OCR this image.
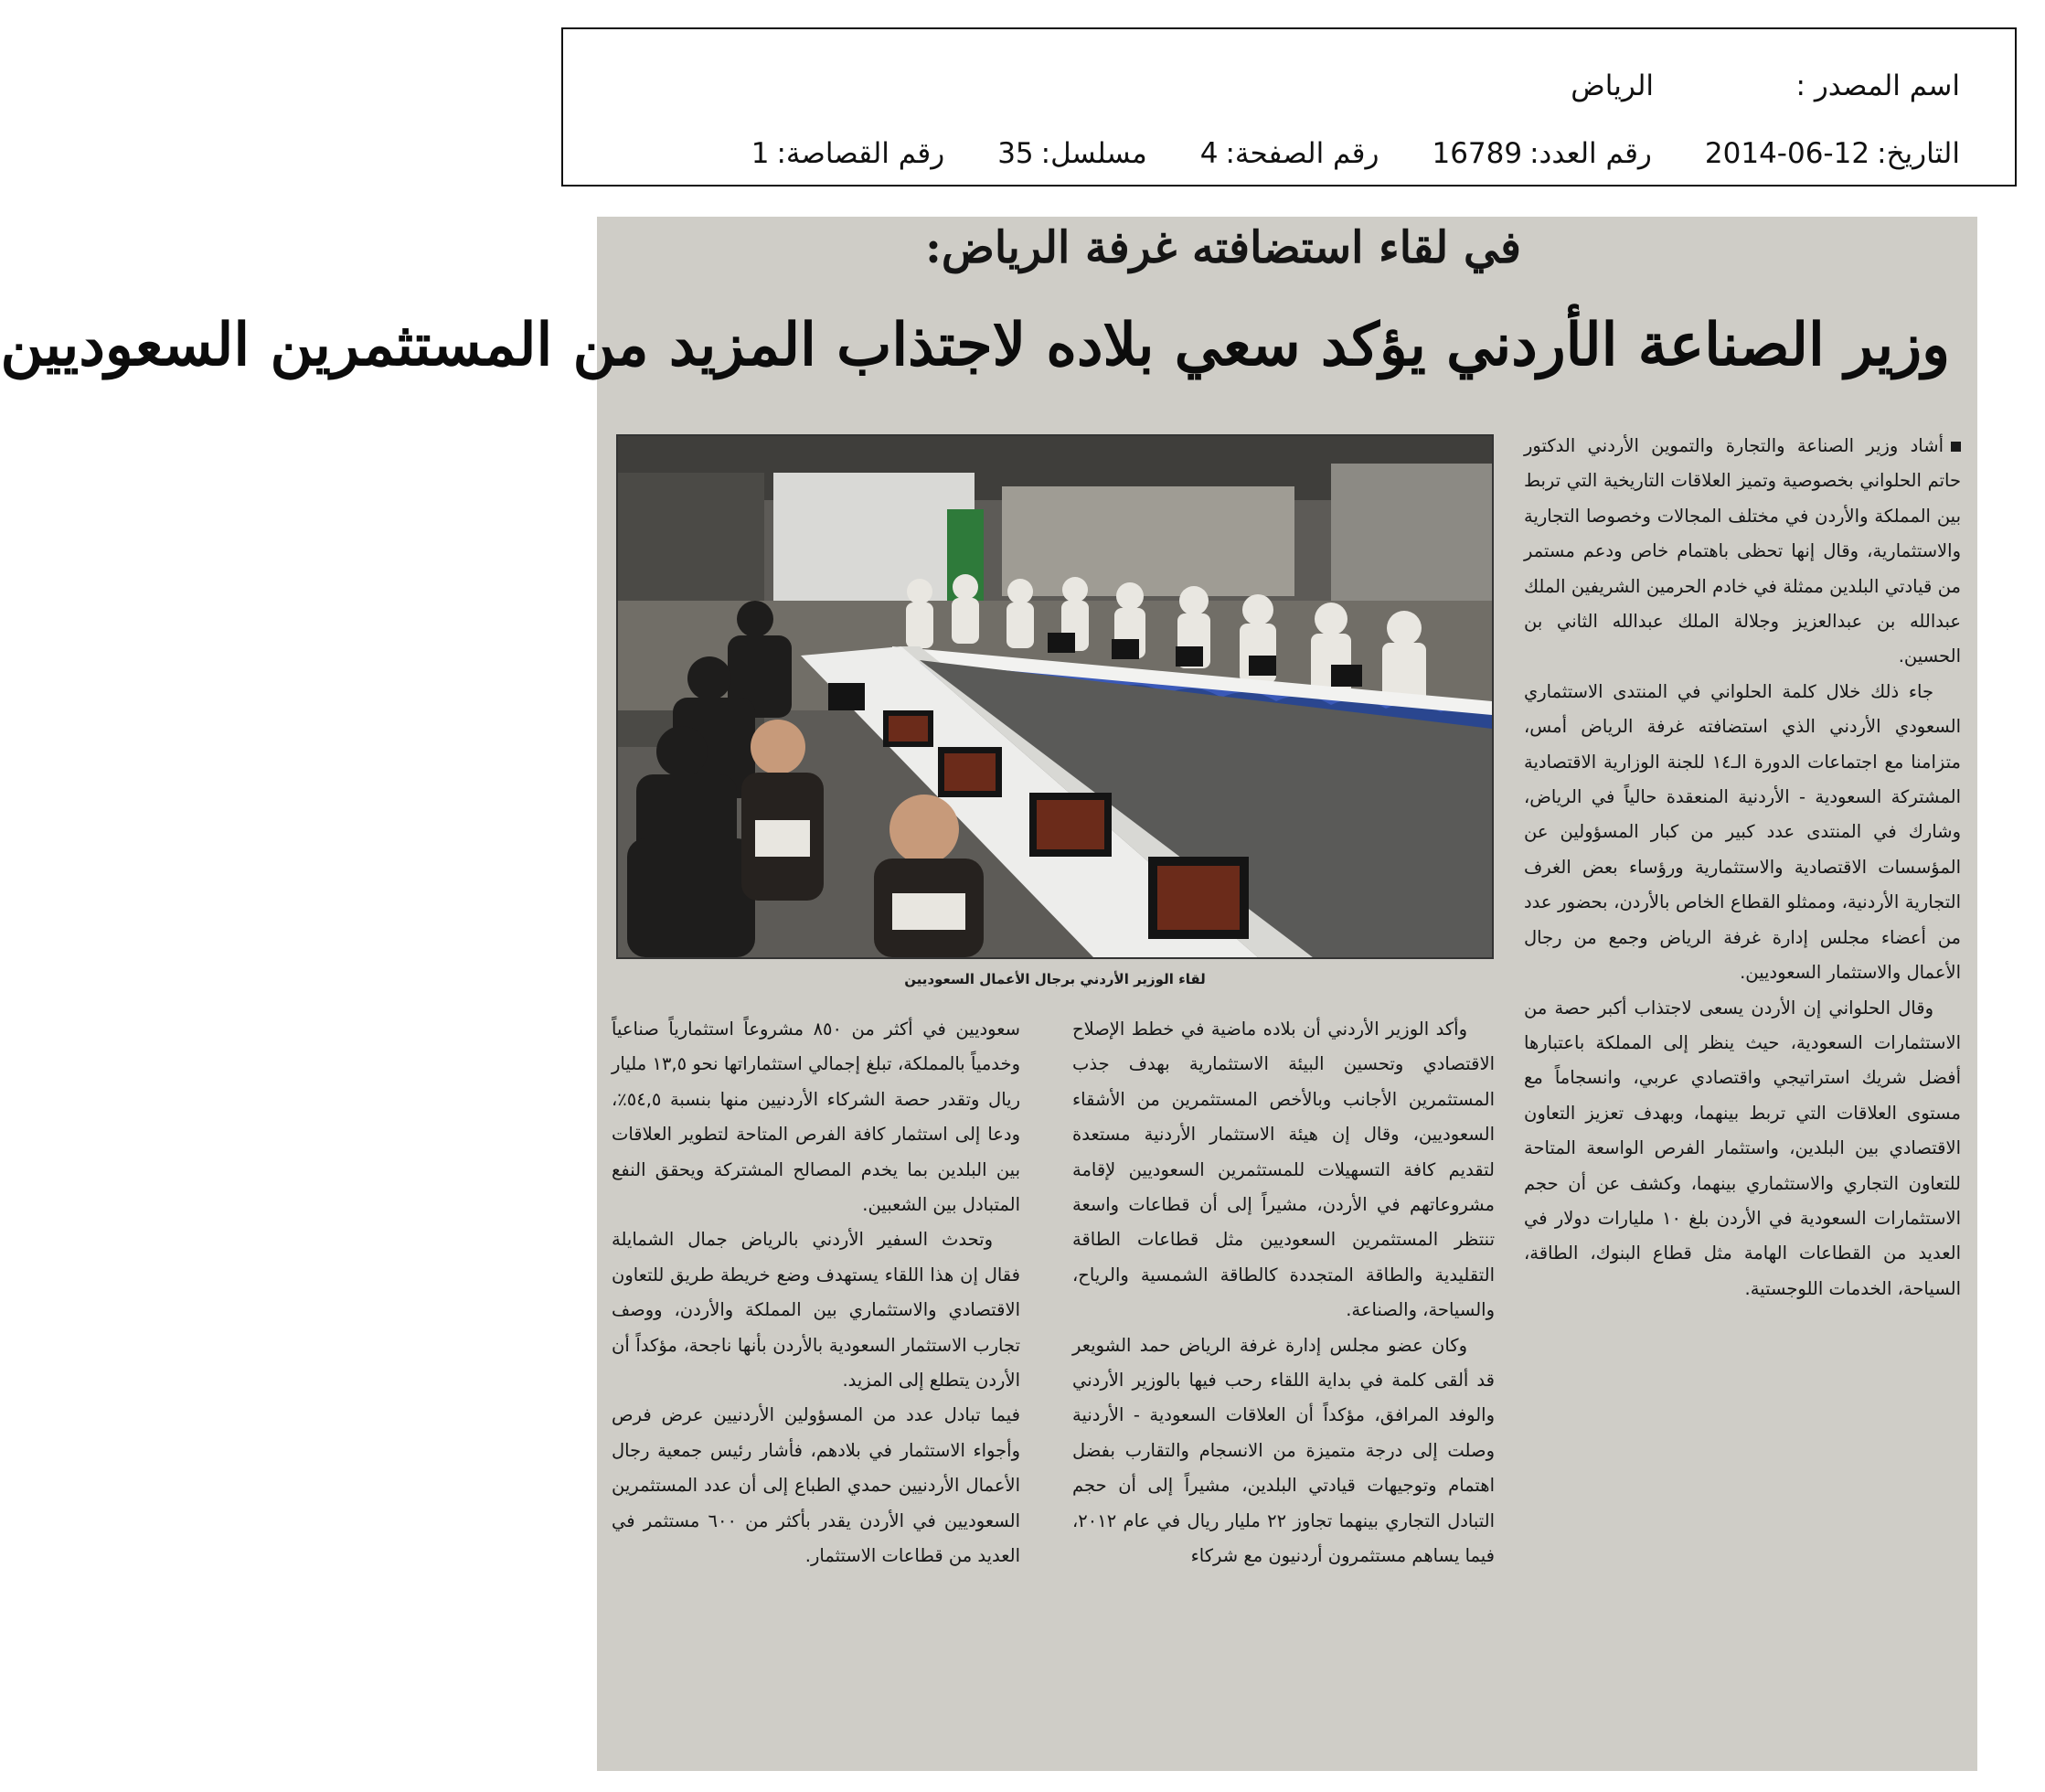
اسم المصدر :
الرياض
التاريخ:
2014-06-12
رقم العدد:
16789
رقم الصفحة:
4
مسلسل:
35
رقم القصاصة:
1
في لقاء استضافته غرفة الرياض:
وزير الصناعة الأردني يؤكد سعي بلاده لاجتذاب المزيد من المستثمرين السعوديين
لقاء الوزير الأردني برجال الأعمال السعوديين

أشاد وزير الصناعة والتجارة والتموين الأردني الدكتور حاتم الحلواني بخصوصية وتميز العلاقات التاريخية التي تربط بين المملكة والأردن في مختلف المجالات وخصوصا التجارية والاستثمارية، وقال إنها تحظى باهتمام خاص ودعم مستمر من قيادتي البلدين ممثلة في خادم الحرمين الشريفين الملك عبدالله بن عبدالعزيز وجلالة الملك عبدالله الثاني بن الحسين.

جاء ذلك خلال كلمة الحلواني في المنتدى الاستثماري السعودي الأردني الذي استضافته غرفة الرياض أمس، متزامنا مع اجتماعات الدورة الـ١٤ للجنة الوزارية الاقتصادية المشتركة السعودية - الأردنية المنعقدة حالياً في الرياض، وشارك في المنتدى عدد كبير من كبار المسؤولين عن المؤسسات الاقتصادية والاستثمارية ورؤساء بعض الغرف التجارية الأردنية، وممثلو القطاع الخاص بالأردن، بحضور عدد من أعضاء مجلس إدارة غرفة الرياض وجمع من رجال الأعمال والاستثمار السعوديين.

وقال الحلواني إن الأردن يسعى لاجتذاب أكبر حصة من الاستثمارات السعودية، حيث ينظر إلى المملكة باعتبارها أفضل شريك استراتيجي واقتصادي عربي، وانسجاماً مع مستوى العلاقات التي تربط بينهما، وبهدف تعزيز التعاون الاقتصادي بين البلدين، واستثمار الفرص الواسعة المتاحة للتعاون التجاري والاستثماري بينهما، وكشف عن أن حجم الاستثمارات السعودية في الأردن بلغ ١٠ مليارات دولار في العديد من القطاعات الهامة مثل قطاع البنوك، الطاقة، السياحة، الخدمات اللوجستية.

وأكد الوزير الأردني أن بلاده ماضية في خطط الإصلاح الاقتصادي وتحسين البيئة الاستثمارية بهدف جذب المستثمرين الأجانب وبالأخص المستثمرين من الأشقاء السعوديين، وقال إن هيئة الاستثمار الأردنية مستعدة لتقديم كافة التسهيلات للمستثمرين السعوديين لإقامة مشروعاتهم في الأردن، مشيراً إلى أن قطاعات واسعة تنتظر المستثمرين السعوديين مثل قطاعات الطاقة التقليدية والطاقة المتجددة كالطاقة الشمسية والرياح، والسياحة، والصناعة.

وكان عضو مجلس إدارة غرفة الرياض حمد الشويعر قد ألقى كلمة في بداية اللقاء رحب فيها بالوزير الأردني والوفد المرافق، مؤكداً أن العلاقات السعودية - الأردنية وصلت إلى درجة متميزة من الانسجام والتقارب بفضل اهتمام وتوجيهات قيادتي البلدين، مشيراً إلى أن حجم التبادل التجاري بينهما تجاوز ٢٢ مليار ريال في عام ٢٠١٢، فيما يساهم مستثمرون أردنيون مع شركاء

سعوديين في أكثر من ٨٥٠ مشروعاً استثمارياً صناعياً وخدمياً بالمملكة، تبلغ إجمالي استثماراتها نحو ١٣,٥ مليار ريال وتقدر حصة الشركاء الأردنيين منها بنسبة ٥٤,٥٪، ودعا إلى استثمار كافة الفرص المتاحة لتطوير العلاقات بين البلدين بما يخدم المصالح المشتركة ويحقق النفع المتبادل بين الشعبين.

وتحدث السفير الأردني بالرياض جمال الشمايلة فقال إن هذا اللقاء يستهدف وضع خريطة طريق للتعاون الاقتصادي والاستثماري بين المملكة والأردن، ووصف تجارب الاستثمار السعودية بالأردن بأنها ناجحة، مؤكداً أن الأردن يتطلع إلى المزيد.

فيما تبادل عدد من المسؤولين الأردنيين عرض فرص وأجواء الاستثمار في بلادهم، فأشار رئيس جمعية رجال الأعمال الأردنيين حمدي الطباع إلى أن عدد المستثمرين السعوديين في الأردن يقدر بأكثر من ٦٠٠ مستثمر في العديد من قطاعات الاستثمار.
